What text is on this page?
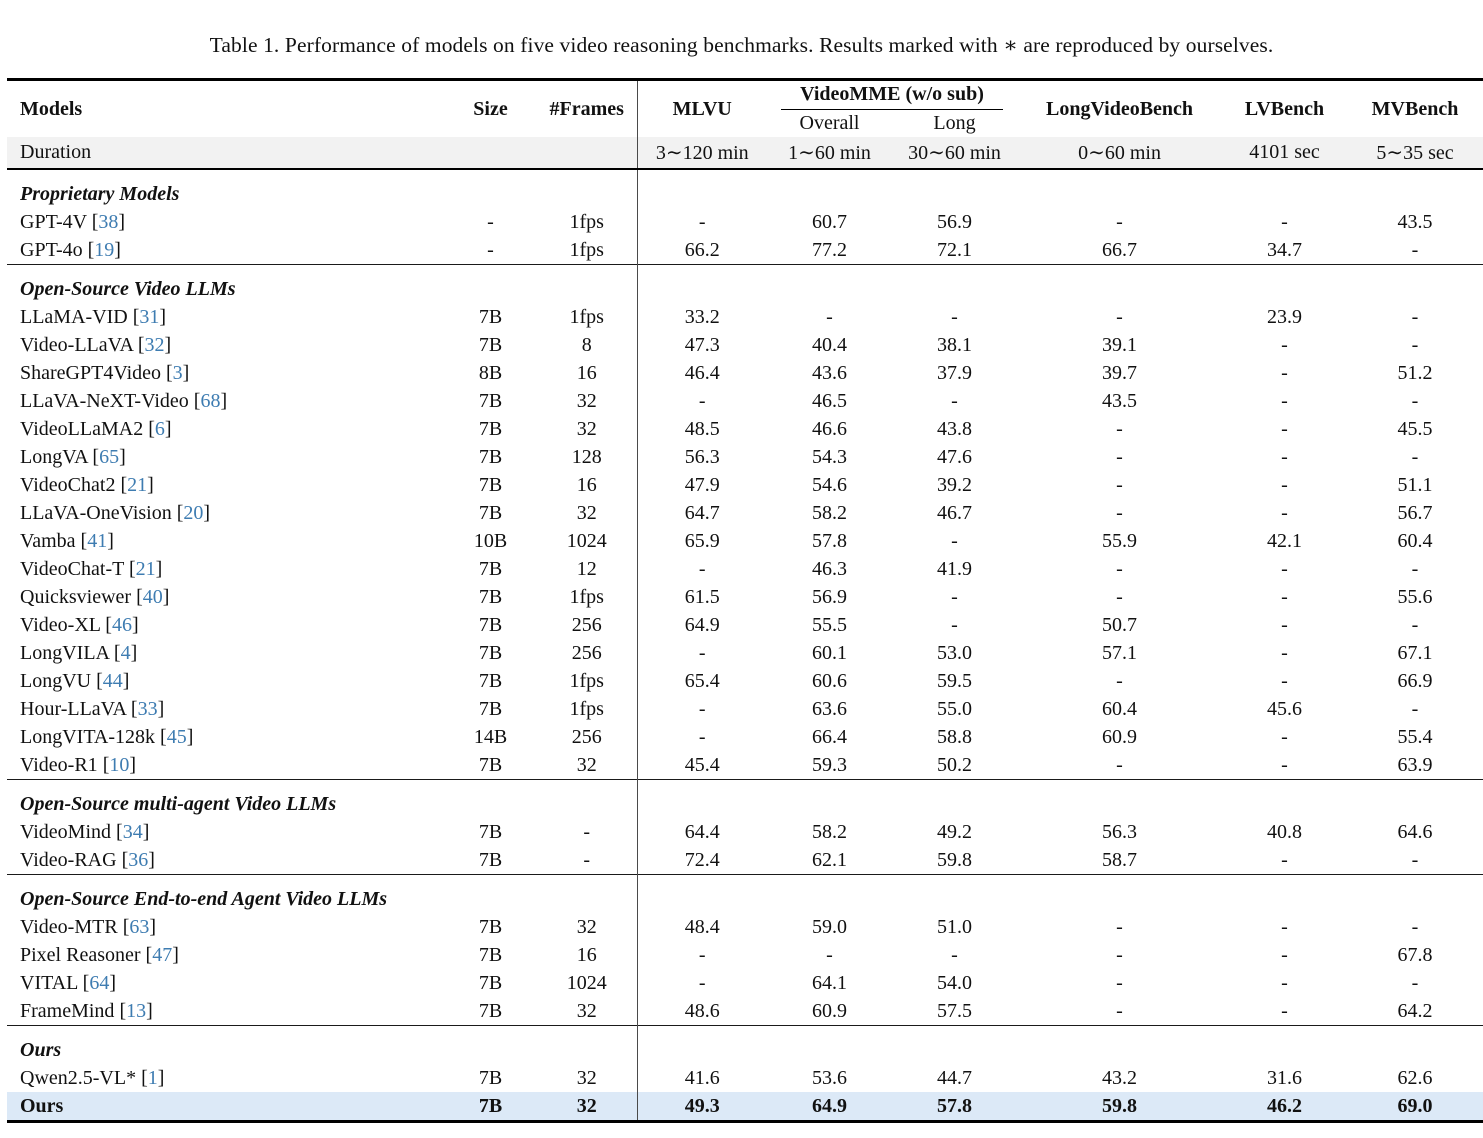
Table 1. Performance of models on five video reasoning benchmarks. Results marked with ∗ are reproduced by ourselves.
Models	Size	#Frames	MLVU	VideoMME (w/o sub)		LongVideoBench	LVBench	MVBench
				Overall	Long			
Duration			3∼120 min	1∼60 min	30∼60 min	0∼60 min	4101 sec	5∼35 sec
Proprietary Models								
GPT-4V [38]	-	1fps	-	60.7	56.9	-	-	43.5
GPT-4o [19]	-	1fps	66.2	77.2	72.1	66.7	34.7	-
Open-Source Video LLMs								
LLaMA-VID [31]	7B	1fps	33.2	-	-	-	23.9	-
Video-LLaVA [32]	7B	8	47.3	40.4	38.1	39.1	-	-
ShareGPT4Video [3]	8B	16	46.4	43.6	37.9	39.7	-	51.2
LLaVA-NeXT-Video [68]	7B	32	-	46.5	-	43.5	-	-
VideoLLaMA2 [6]	7B	32	48.5	46.6	43.8	-	-	45.5
LongVA [65]	7B	128	56.3	54.3	47.6	-	-	-
VideoChat2 [21]	7B	16	47.9	54.6	39.2	-	-	51.1
LLaVA-OneVision [20]	7B	32	64.7	58.2	46.7	-	-	56.7
Vamba [41]	10B	1024	65.9	57.8	-	55.9	42.1	60.4
VideoChat-T [21]	7B	12	-	46.3	41.9	-	-	-
Quicksviewer [40]	7B	1fps	61.5	56.9	-	-	-	55.6
Video-XL [46]	7B	256	64.9	55.5	-	50.7	-	-
LongVILA [4]	7B	256	-	60.1	53.0	57.1	-	67.1
LongVU [44]	7B	1fps	65.4	60.6	59.5	-	-	66.9
Hour-LLaVA [33]	7B	1fps	-	63.6	55.0	60.4	45.6	-
LongVITA-128k [45]	14B	256	-	66.4	58.8	60.9	-	55.4
Video-R1 [10]	7B	32	45.4	59.3	50.2	-	-	63.9
Open-Source multi-agent Video LLMs								
VideoMind [34]	7B	-	64.4	58.2	49.2	56.3	40.8	64.6
Video-RAG [36]	7B	-	72.4	62.1	59.8	58.7	-	-
Open-Source End-to-end Agent Video LLMs								
Video-MTR [63]	7B	32	48.4	59.0	51.0	-	-	-
Pixel Reasoner [47]	7B	16	-	-	-	-	-	67.8
VITAL [64]	7B	1024	-	64.1	54.0	-	-	-
FrameMind [13]	7B	32	48.6	60.9	57.5	-	-	64.2
Ours								
Qwen2.5-VL* [1]	7B	32	41.6	53.6	44.7	43.2	31.6	62.6
Ours	7B	32	49.3	64.9	57.8	59.8	46.2	69.0
